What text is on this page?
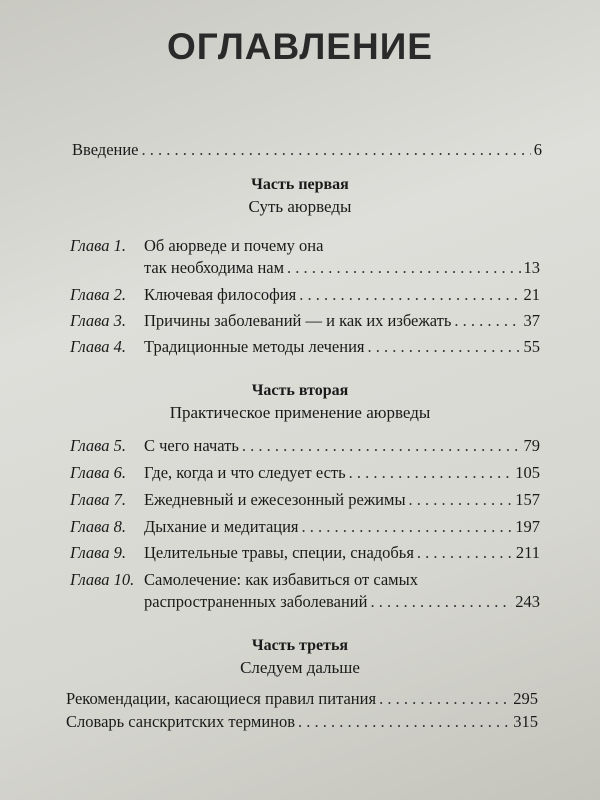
ОГЛАВЛЕНИЕ
Введение . . .	6
Часть первая
Суть аюрведы
Глава 1.	Об аюрведе и почему она
так необходима нам . . .	13
Глава 2.	Ключевая философия . . .	21
Глава 3.	Причины заболеваний — и как их избежать . . .	37
Глава 4.	Традиционные методы лечения . . .	55
Часть вторая
Практическое применение аюрведы
Глава 5.	С чего начать . . .	79
Глава 6.	Где, когда и что следует есть . . .	105
Глава 7.	Ежедневный и ежесезонный режимы . . .	157
Глава 8.	Дыхание и медитация . . .	197
Глава 9.	Целительные травы, специи, снадобья . . .	211
Глава 10. Самолечение: как избавиться от самых
распространенных заболеваний . . .	243
Часть третья
Следуем дальше
Рекомендации, касающиеся правил питания . . .	295
Словарь санскритских терминов . . .	315
